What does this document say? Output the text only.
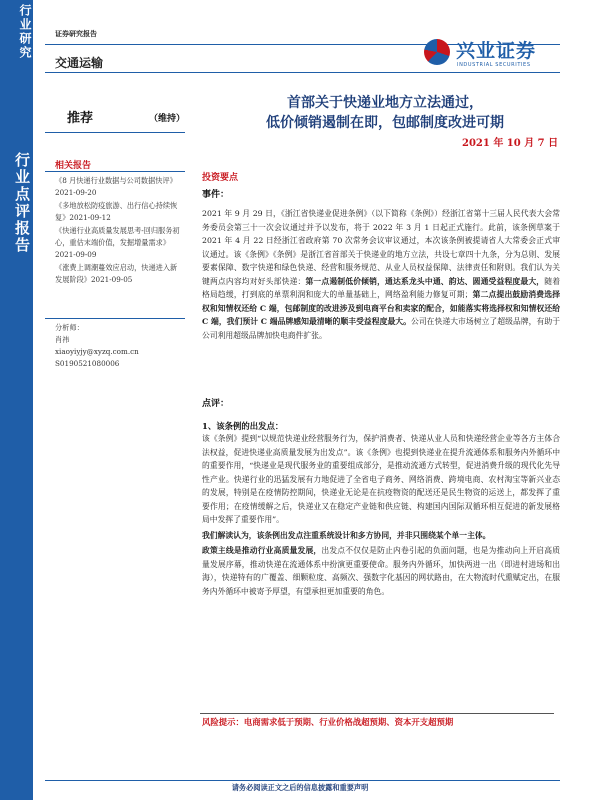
行业研究
行业点评报告
证券研究报告
交通运输
兴业证券
INDUSTRIAL SECURITIES
推荐	（维持）
首部关于快递业地方立法通过，
低价倾销遏制在即，包邮制度改进可期
2021 年 10 月 7 日
相关报告
《8 月快递行业数据与公司数据快评》2021-09-20
《多地放松防疫旅游、出行信心持续恢复》2021-09-12
《快递行业高质量发展思考-回归服务初心，重估末端价值，发掘增量需求》2021-09-09
《涨费上调潮蔓效应启动，快递进入新发展阶段》2021-09-05
分析师：
肖祎
xiaoyiyjy@xyzq.com.cn
S0190521080006
投资要点
事件：

2021 年 9 月 29 日，《浙江省快递业促进条例》（以下简称《条例》）经浙江省第十三届人民代表大会常务委员会第三十一次会议通过并予以发布，将于 2022 年 3 月 1 日起正式施行。此前，该条例草案于 2021 年 4 月 22 日经浙江省政府第 70 次常务会议审议通过，本次该条例被提请省人大常委会正式审议通过。该《条例》《条例》是浙江省首部关于快递业的地方立法，共设七章四十九条，分为总则、发展要素保障、数字快递和绿色快递、经营和服务规范、从业人员权益保障、法律责任和附则。我们认为关键两点内容均对好头部快递：第一点遏制低价倾销，通达系龙头中通、韵达、圆通受益程度最大，随着格局趋缓，打到底的单票利润和庞大的单量基础上，网络盈利能力修复可期；第二点提出鼓励消费选择权和知情权还给 C 端，包邮制度的改进涉及到电商平台和卖家的配合，如能落实将选择权和知情权还给 C 端，我们预计 C 端品牌感知最清晰的顺丰受益程度最大。公司在快递大市场树立了超级品牌，有助于公司利用超级品牌加快电商件扩张。

点评：
1、该条例的出发点：

该《条例》提到“以规范快递业经营服务行为，保护消费者、快递从业人员和快递经营企业等各方主体合法权益，促进快递业高质量发展为出发点”。该《条例》也提到快递业在提升流通体系和服务内外循环中的重要作用，“快递业是现代服务业的重要组成部分，是推动流通方式转型，促进消费升级的现代化先导性产业。快递行业的迅猛发展有力地促进了全省电子商务、网络消费、跨境电商、农村淘宝等新兴业态的发展，特别是在疫情防控期间，快递业无论是在抗疫物资的配送还是民生物资的运送上，都发挥了重要作用；在疫情缓解之后，快递业又在稳定产业链和供应链、构建国内国际双循环相互促进的新发展格局中发挥了重要作用”。

我们解读认为，该条例出发点注重系统设计和多方协同，并非只围绕某个单一主体。

政策主线是推动行业高质量发展，出发点不仅仅是防止内卷引起的负面问题，也是为推动向上开启高质量发展序幕，推动快递在流通体系中扮演更重要使命。服务内外循环，加快两进一出（即进村进场和出海），快递特有的广覆盖、细颗粒度、高频次、强数字化基因的网状路由，在大物流时代熏赋定出，在服务内外循环中被寄予厚望，有望承担更加重要的角色。

风险提示：电商需求低于预期、行业价格战超预期、资本开支超预期
请务必阅读正文之后的信息披露和重要声明
